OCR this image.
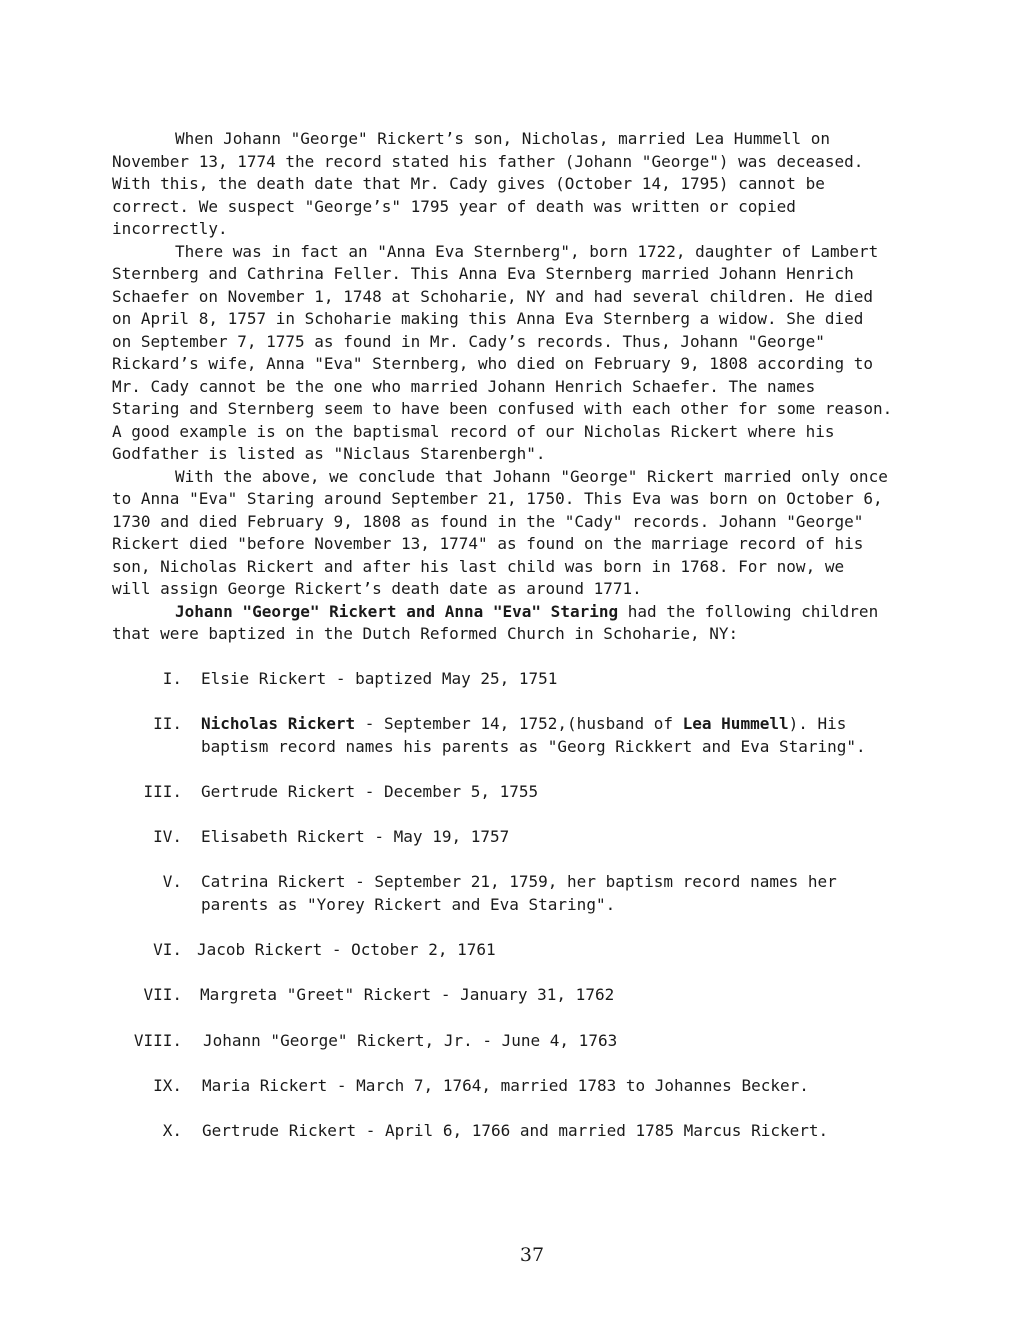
When Johann "George" Rickert’s son, Nicholas, married Lea Hummell on
November 13, 1774 the record stated his father (Johann "George") was deceased.
With this, the death date that Mr. Cady gives (October 14, 1795) cannot be
correct. We suspect "George’s" 1795 year of death was written or copied
incorrectly.

There was in fact an "Anna Eva Sternberg", born 1722, daughter of Lambert
Sternberg and Cathrina Feller. This Anna Eva Sternberg married Johann Henrich
Schaefer on November 1, 1748 at Schoharie, NY and had several children. He died
on April 8, 1757 in Schoharie making this Anna Eva Sternberg a widow. She died
on September 7, 1775 as found in Mr. Cady’s records. Thus, Johann "George"
Rickard’s wife, Anna "Eva" Sternberg, who died on February 9, 1808 according to
Mr. Cady cannot be the one who married Johann Henrich Schaefer. The names
Staring and Sternberg seem to have been confused with each other for some reason.
A good example is on the baptismal record of our Nicholas Rickert where his
Godfather is listed as "Niclaus Starenbergh".

With the above, we conclude that Johann "George" Rickert married only once
to Anna "Eva" Staring around September 21, 1750. This Eva was born on October 6,
1730 and died February 9, 1808 as found in the "Cady" records. Johann "George"
Rickert died "before November 13, 1774" as found on the marriage record of his
son, Nicholas Rickert and after his last child was born in 1768. For now, we
will assign George Rickert’s death date as around 1771.

Johann "George" Rickert and Anna "Eva" Staring had the following children
that were baptized in the Dutch Reformed Church in Schoharie, NY:

I. Elsie Rickert - baptized May 25, 1751
II. Nicholas Rickert - September 14, 1752,(husband of Lea Hummell). His
baptism record names his parents as "Georg Rickkert and Eva Staring".
III. Gertrude Rickert - December 5, 1755
IV. Elisabeth Rickert - May 19, 1757
V. Catrina Rickert - September 21, 1759, her baptism record names her
parents as "Yorey Rickert and Eva Staring".
VI. Jacob Rickert - October 2, 1761
VII. Margreta "Greet" Rickert - January 31, 1762
VIII. Johann "George" Rickert, Jr. - June 4, 1763
IX. Maria Rickert - March 7, 1764, married 1783 to Johannes Becker.
X. Gertrude Rickert - April 6, 1766 and married 1785 Marcus Rickert.
37
